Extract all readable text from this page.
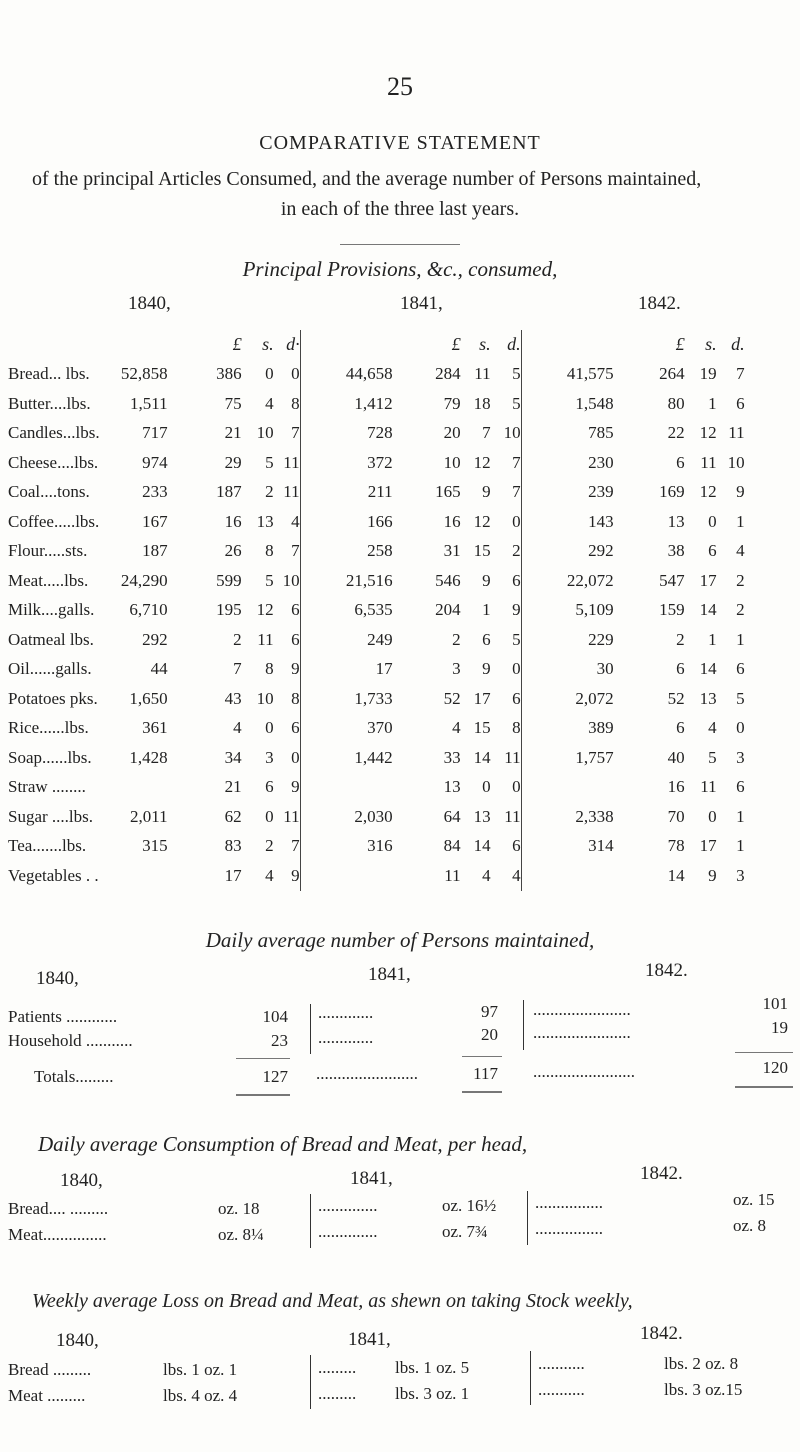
25
COMPARATIVE STATEMENT
of the principal Articles Consumed, and the average number of Persons maintained,
in each of the three last years.
Principal Provisions, &c., consumed,
1840,	1841,	1842.
		£	s.	d·		£	s.	d.		£	s.	d.
Bread... lbs.	52,858	386	0	0	44,658	284	11	5	41,575	264	19	7
Butter....lbs.	1,511	75	4	8	1,412	79	18	5	1,548	80	1	6
Candles...lbs.	717	21	10	7	728	20	7	10	785	22	12	11
Cheese....lbs.	974	29	5	11	372	10	12	7	230	6	11	10
Coal....tons.	233	187	2	11	211	165	9	7	239	169	12	9
Coffee.....lbs.	167	16	13	4	166	16	12	0	143	13	0	1
Flour.....sts.	187	26	8	7	258	31	15	2	292	38	6	4
Meat.....lbs.	24,290	599	5	10	21,516	546	9	6	22,072	547	17	2
Milk....galls.	6,710	195	12	6	6,535	204	1	9	5,109	159	14	2
Oatmeal lbs.	292	2	11	6	249	2	6	5	229	2	1	1
Oil......galls.	44	7	8	9	17	3	9	0	30	6	14	6
Potatoes pks.	1,650	43	10	8	1,733	52	17	6	2,072	52	13	5
Rice......lbs.	361	4	0	6	370	4	15	8	389	6	4	0
Soap......lbs.	1,428	34	3	0	1,442	33	14	11	1,757	40	5	3
Straw ........		21	6	9		13	0	0		16	11	6
Sugar ....lbs.	2,011	62	0	11	2,030	64	13	11	2,338	70	0	1
Tea.......lbs.	315	83	2	7	316	84	14	6	314	78	17	1
Vegetables . .		17	4	9		11	4	4		14	9	3
Daily average number of Persons maintained,
1840,	1841,	1842.
Patients ............	104 .............	97 .......................	101
Household ...........	23 .............	20 .......................	19
Totals.........	127 ........................	117 ........................	120
Daily average Consumption of Bread and Meat, per head,
1840,	1841,	1842.
Bread.... .........	oz. 18	..............	oz. 16½ ................	oz. 15
Meat...............	oz. 8¼	..............	oz. 7¾	................	oz. 8
Weekly average Loss on Bread and Meat, as shewn on taking Stock weekly,
1840,	1841,	1842.
Bread .........	lbs. 1 oz. 1	......... lbs. 1 oz. 5	...........	lbs. 2 oz. 8
Meat .........	lbs. 4 oz. 4	......... lbs. 3 oz. 1	...........	lbs. 3 oz.15
